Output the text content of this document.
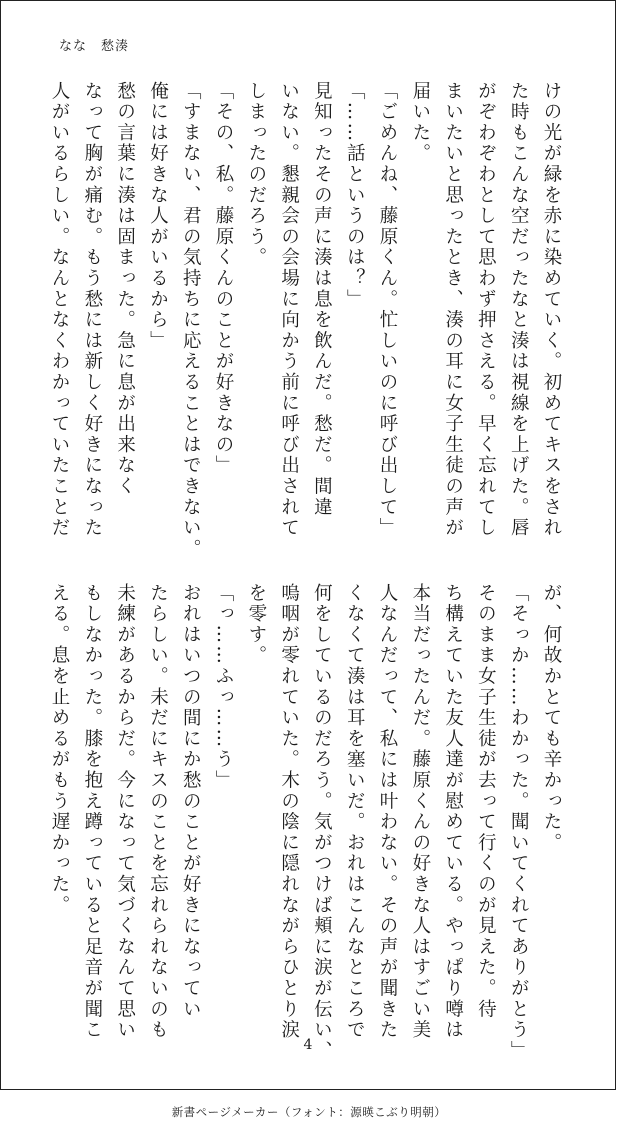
なな　愁湊
けの光が緑を赤に染めていく。初めてキスをされ
た時もこんな空だったなと湊は視線を上げた。唇
がぞわぞわとして思わず押さえる。早く忘れてし
まいたいと思ったとき、湊の耳に女子生徒の声が
届いた。
「ごめんね、藤原くん。忙しいのに呼び出して」
「……話というのは？」
見知ったその声に湊は息を飲んだ。愁だ。間違
いない。懇親会の会場に向かう前に呼び出されて
しまったのだろう。
「その、私。藤原くんのことが好きなの」
「すまない、君の気持ちに応えることはできない。
俺には好きな人がいるから」
愁の言葉に湊は固まった。急に息が出来なく
なって胸が痛む。もう愁には新しく好きになった
人がいるらしい。なんとなくわかっていたことだ
が、何故かとても辛かった。
「そっか……わかった。聞いてくれてありがとう」
そのまま女子生徒が去って行くのが見えた。待
ち構えていた友人達が慰めている。やっぱり噂は
本当だったんだ。藤原くんの好きな人はすごい美
人なんだって、私には叶わない。その声が聞きた
くなくて湊は耳を塞いだ。おれはこんなところで
何をしているのだろう。気がつけば頬に涙が伝い、
嗚咽が零れていた。木の陰に隠れながらひとり涙
を零す。
「っ……ふっ……う」
おれはいつの間にか愁のことが好きになってい
たらしい。未だにキスのことを忘れられないのも
未練があるからだ。今になって気づくなんて思い
もしなかった。膝を抱え蹲っていると足音が聞こ
える。息を止めるがもう遅かった。
4
新書ページメーカー（フォント：源暎こぶり明朝）
